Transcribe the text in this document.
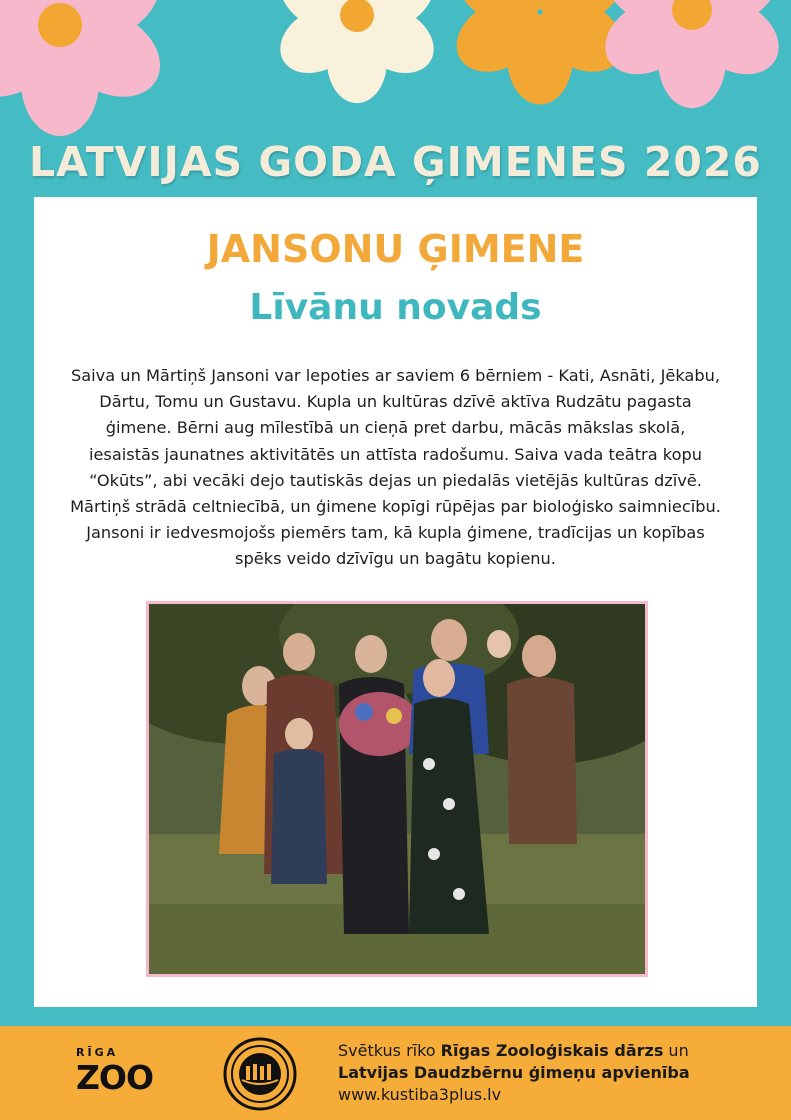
LATVIJAS GODA ĢIMENES 2026
JANSONU ĢIMENE
Līvānu novads
Saiva un Mārtiņš Jansoni var lepoties ar saviem 6 bērniem - Kati, Asnāti, Jēkabu, Dārtu, Tomu un Gustavu. Kupla un kultūras dzīvē aktīva Rudzātu pagasta ģimene. Bērni aug mīlestībā un cieņā pret darbu, mācās mākslas skolā, iesaistās jaunatnes aktivitātēs un attīsta radošumu. Saiva vada teātra kopu “Okūts”, abi vecāki dejo tautiskās dejas un piedalās vietējās kultūras dzīvē. Mārtiņš strādā celtniecībā, un ģimene kopīgi rūpējas par bioloģisko saimniecību. Jansoni ir iedvesmojošs piemērs tam, kā kupla ģimene, tradīcijas un kopības spēks veido dzīvīgu un bagātu kopienu.
RĪGA
ZOO
Svētkus rīko Rīgas Zooloģiskais dārzs un
Latvijas Daudzbērnu ģimeņu apvienība
www.kustiba3plus.lv
